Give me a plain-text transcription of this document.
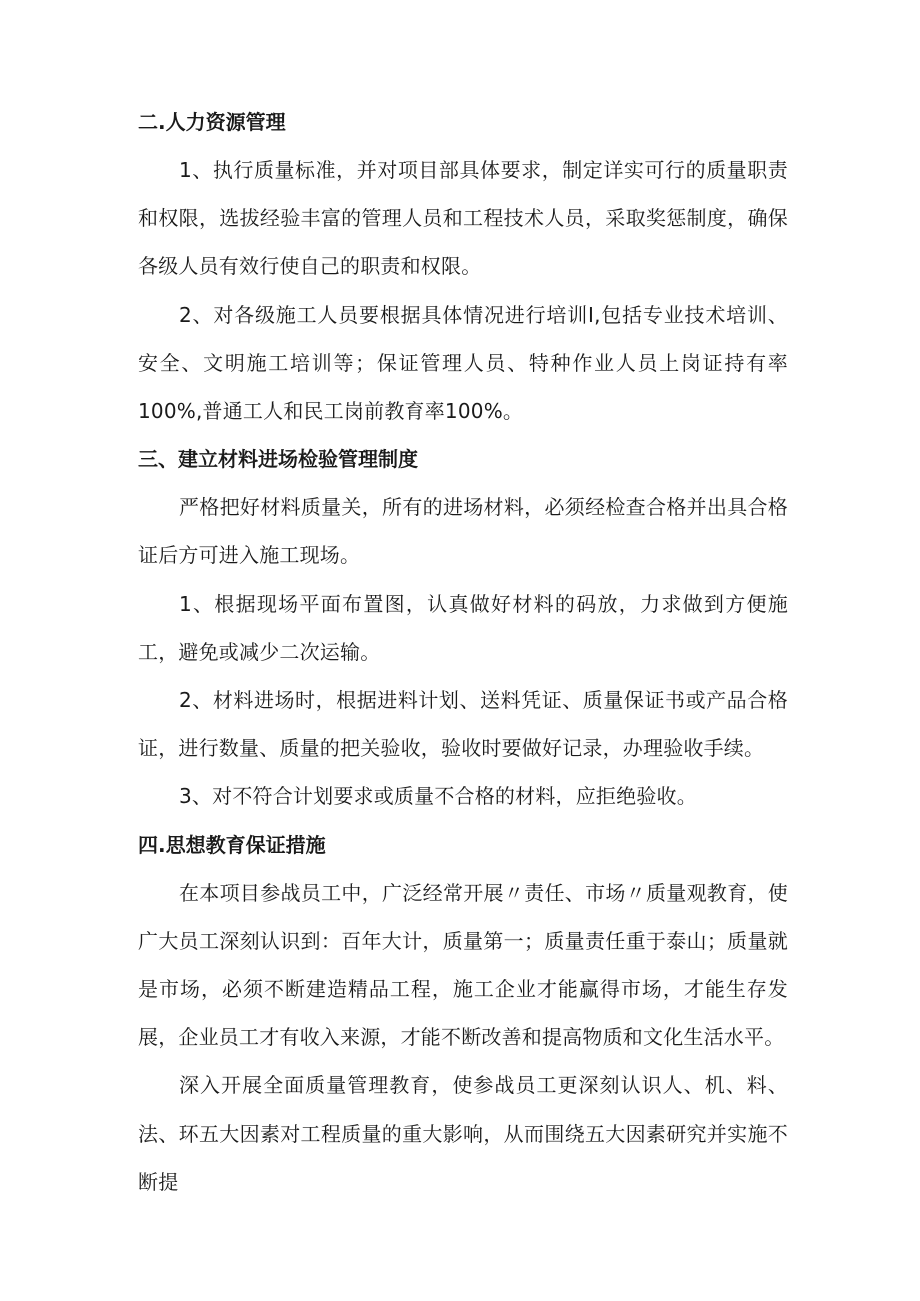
二.人力资源管理

1、执行质量标准，并对项目部具体要求，制定详实可行的质量职责和权限，选拔经验丰富的管理人员和工程技术人员，采取奖惩制度，确保各级人员有效行使自己的职责和权限。

2、对各级施工人员要根据具体情况进行培训I,包括专业技术培训、安全、文明施工培训等；保证管理人员、特种作业人员上岗证持有率100%,普通工人和民工岗前教育率100%。

三、建立材料进场检验管理制度

严格把好材料质量关，所有的进场材料，必须经检查合格并出具合格证后方可进入施工现场。

1、根据现场平面布置图，认真做好材料的码放，力求做到方便施工，避免或减少二次运输。

2、材料进场时，根据进料计划、送料凭证、质量保证书或产品合格证，进行数量、质量的把关验收，验收时要做好记录，办理验收手续。

3、对不符合计划要求或质量不合格的材料，应拒绝验收。

四.思想教育保证措施

在本项目参战员工中，广泛经常开展〃责任、市场〃质量观教育，使广大员工深刻认识到：百年大计，质量第一；质量责任重于泰山；质量就是市场，必须不断建造精品工程，施工企业才能赢得市场，才能生存发展，企业员工才有收入来源，才能不断改善和提高物质和文化生活水平。

深入开展全面质量管理教育，使参战员工更深刻认识人、机、料、法、环五大因素对工程质量的重大影响，从而围绕五大因素研究并实施不断提
